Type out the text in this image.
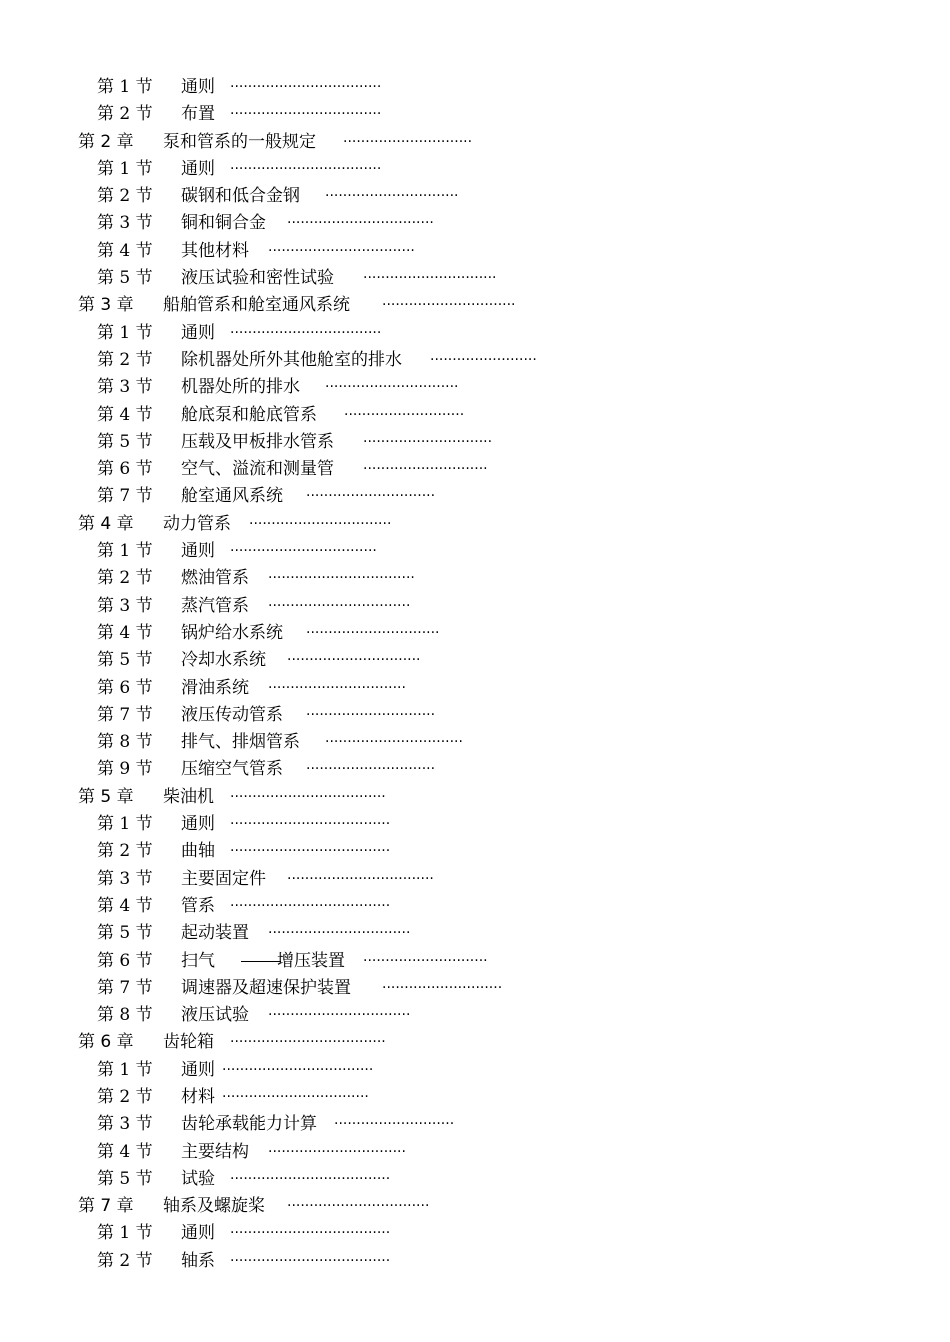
第 1 节 通则 ··································
第 2 节 布置 ··································
第 2 章 泵和管系的一般规定 ·····························
第 1 节 通则 ··································
第 2 节 碳钢和低合金钢 ······························
第 3 节 铜和铜合金 ·································
第 4 节 其他材料 ·································
第 5 节 液压试验和密性试验 ······························
第 3 章 船舶管系和舱室通风系统 ······························
第 1 节 通则 ··································
第 2 节 除机器处所外其他舱室的排水 ························
第 3 节 机器处所的排水 ······························
第 4 节 舱底泵和舱底管系 ···························
第 5 节 压载及甲板排水管系 ·····························
第 6 节 空气、溢流和测量管 ····························
第 7 节 舱室通风系统 ·····························
第 4 章 动力管系 ································
第 1 节 通则 ·································
第 2 节 燃油管系 ·································
第 3 节 蒸汽管系 ································
第 4 节 锅炉给水系统 ······························
第 5 节 冷却水系统 ······························
第 6 节 滑油系统 ·······························
第 7 节 液压传动管系 ·····························
第 8 节 排气、排烟管系 ·······························
第 9 节 压缩空气管系 ·····························
第 5 章 柴油机 ···································
第 1 节 通则 ····································
第 2 节 曲轴 ····································
第 3 节 主要固定件 ·································
第 4 节 管系 ····································
第 5 节 起动装置 ································
第 6 节 扫气	增压装置 ····························
第 7 节 调速器及超速保护装置 ···························
第 8 节 液压试验 ································
第 6 章 齿轮箱 ···································
第 1 节 通则 ··································
第 2 节 材料 ·································
第 3 节 齿轮承载能力计算 ···························
第 4 节 主要结构 ·······························
第 5 节 试验 ····································
第 7 章 轴系及螺旋桨 ································
第 1 节 通则 ····································
第 2 节 轴系 ····································
